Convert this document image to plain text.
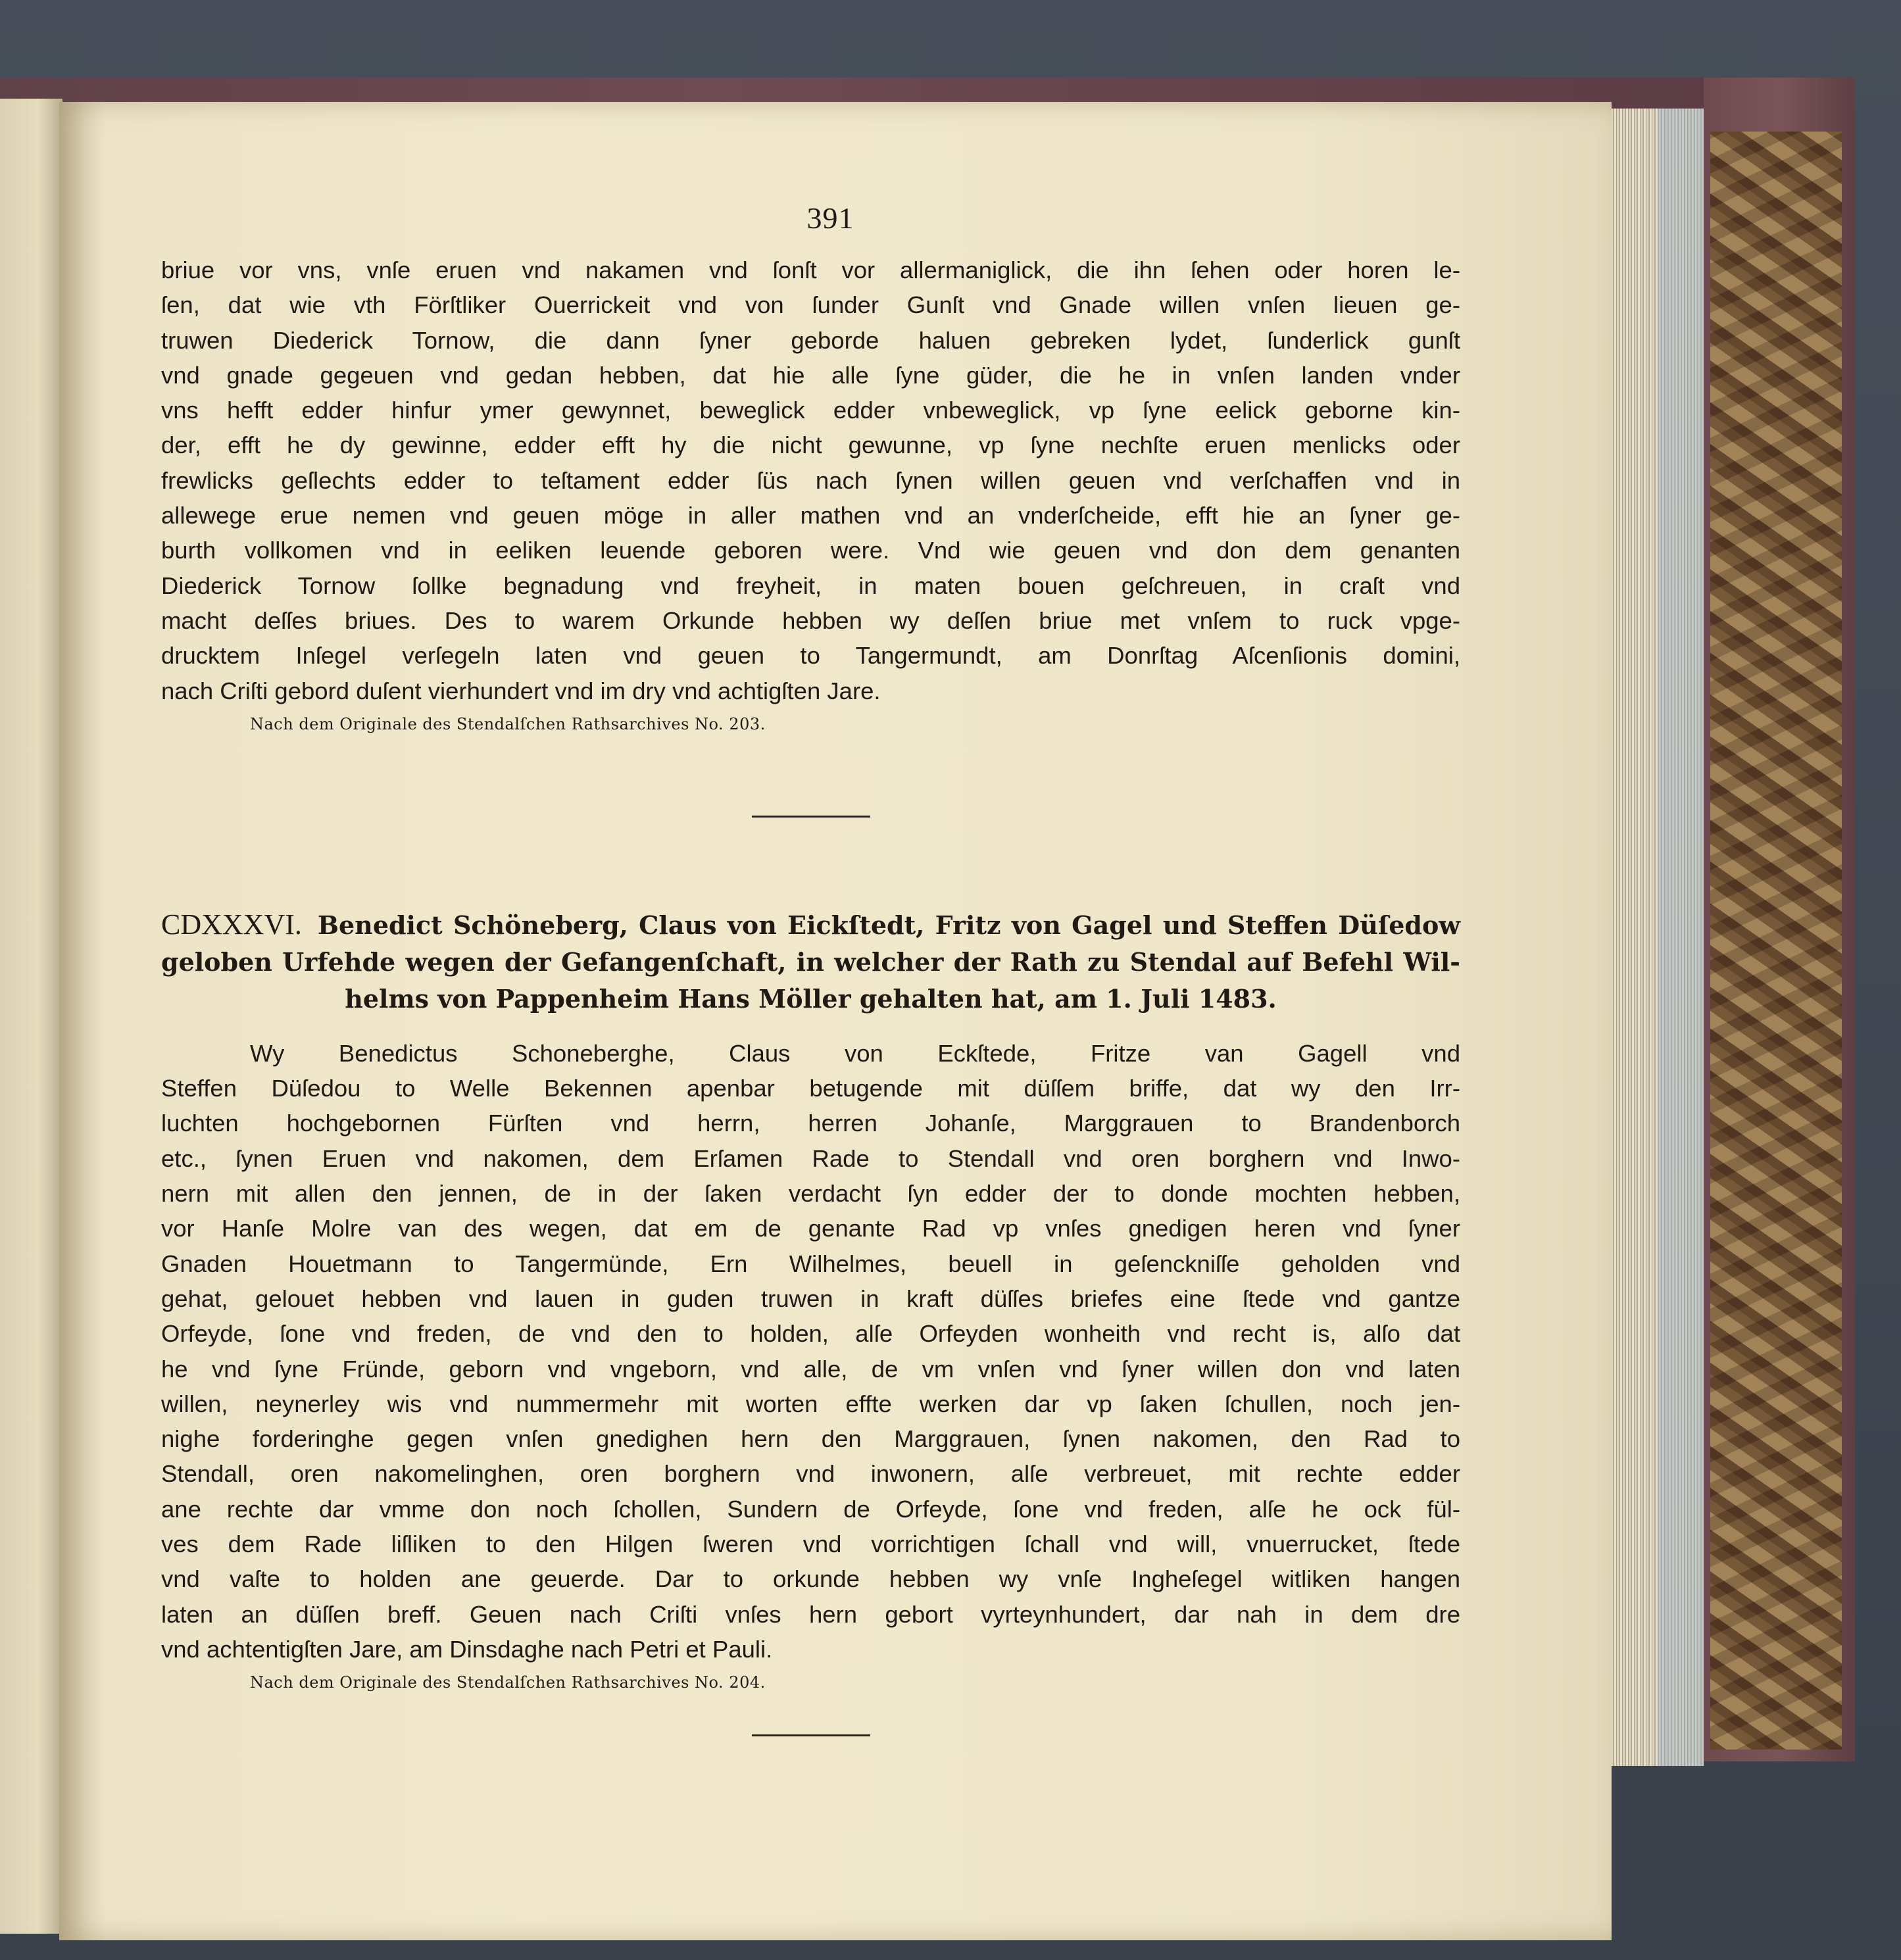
391

briue vor vns, vnſe eruen vnd nakamen vnd ſonſt vor allermaniglick, die ihn ſehen oder horen le-

ſen, dat wie vth Förſtliker Ouerrickeit vnd von ſunder Gunſt vnd Gnade willen vnſen lieuen ge-

truwen Diederick Tornow, die dann ſyner geborde haluen gebreken lydet, ſunderlick gunſt

vnd gnade gegeuen vnd gedan hebben, dat hie alle ſyne güder, die he in vnſen landen vnder

vns hefft edder hinfur ymer gewynnet, beweglick edder vnbeweglick, vp ſyne eelick geborne kin-

der, efft he dy gewinne, edder efft hy die nicht gewunne, vp ſyne nechſte eruen menlicks oder

frewlicks geſlechts edder to teſtament edder ſüs nach ſynen willen geuen vnd verſchaffen vnd in

allewege erue nemen vnd geuen möge in aller mathen vnd an vnderſcheide, efft hie an ſyner ge-

burth vollkomen vnd in eeliken leuende geboren were. Vnd wie geuen vnd don dem genanten

Diederick Tornow ſollke begnadung vnd freyheit, in maten bouen geſchreuen, in craſt vnd

macht deſſes briues. Des to warem Orkunde hebben wy deſſen briue met vnſem to ruck vpge-

drucktem Inſegel verſegeln laten vnd geuen to Tangermundt, am Donrſtag Aſcenſionis domini,

nach Criſti gebord duſent vierhundert vnd im dry vnd achtigſten Jare.

Nach dem Originale des Stendalſchen Rathsarchives No. 203.
CDXXXVI. Benedict Schöneberg, Claus von Eickſtedt, Fritz von Gagel und Steffen Düſedow
geloben Urfehde wegen der Gefangenſchaft, in welcher der Rath zu Stendal auf Befehl Wil-
helms von Pappenheim Hans Möller gehalten hat, am 1. Juli 1483.

Wy Benedictus Schoneberghe, Claus von Eckſtede, Fritze van Gagell vnd

Steffen Düſedou to Welle Bekennen apenbar betugende mit düſſem briffe, dat wy den Irr-

luchten hochgebornen Fürſten vnd herrn, herren Johanſe, Marggrauen to Brandenborch

etc., ſynen Eruen vnd nakomen, dem Erſamen Rade to Stendall vnd oren borghern vnd Inwo-

nern mit allen den jennen, de in der ſaken verdacht ſyn edder der to donde mochten hebben,

vor Hanſe Molre van des wegen, dat em de genante Rad vp vnſes gnedigen heren vnd ſyner

Gnaden Houetmann to Tangermünde, Ern Wilhelmes, beuell in geſenckniſſe geholden vnd

gehat, gelouet hebben vnd lauen in guden truwen in kraft düſſes briefes eine ſtede vnd gantze

Orfeyde, ſone vnd freden, de vnd den to holden, alſe Orfeyden wonheith vnd recht is, alſo dat

he vnd ſyne Fründe, geborn vnd vngeborn, vnd alle, de vm vnſen vnd ſyner willen don vnd laten

willen, neynerley wis vnd nummermehr mit worten effte werken dar vp ſaken ſchullen, noch jen-

nighe forderinghe gegen vnſen gnedighen hern den Marggrauen, ſynen nakomen, den Rad to

Stendall, oren nakomelinghen, oren borghern vnd inwonern, alſe verbreuet, mit rechte edder

ane rechte dar vmme don noch ſchollen, Sundern de Orfeyde, ſone vnd freden, alſe he ock fül-

ves dem Rade liſliken to den Hilgen ſweren vnd vorrichtigen ſchall vnd will, vnuerrucket, ſtede

vnd vaſte to holden ane geuerde. Dar to orkunde hebben wy vnſe Ingheſegel witliken hangen

laten an düſſen breff. Geuen nach Criſti vnſes hern gebort vyrteynhundert, dar nah in dem dre

vnd achtentigſten Jare, am Dinsdaghe nach Petri et Pauli.

Nach dem Originale des Stendalſchen Rathsarchives No. 204.
